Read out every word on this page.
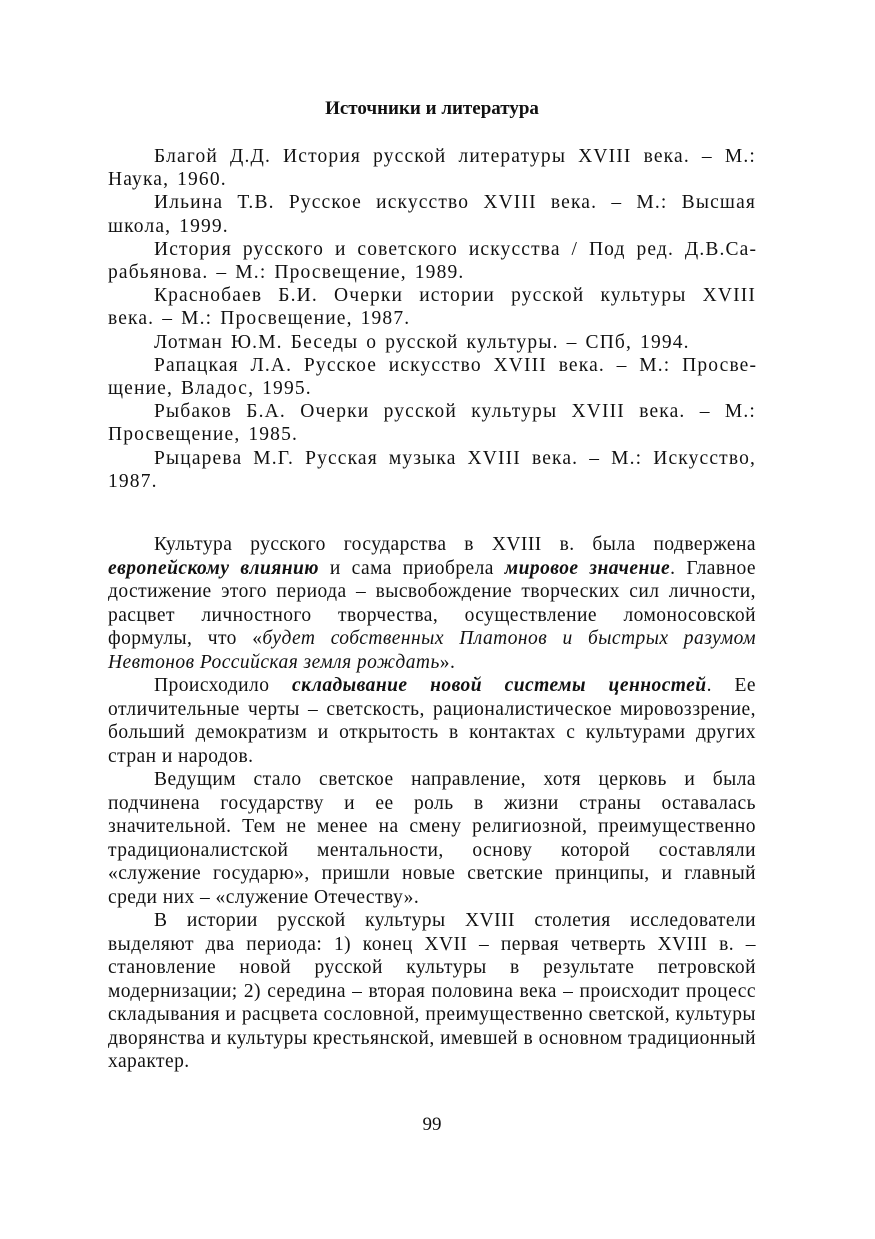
Источники и литература
Благой Д.Д. История русской литературы XVIII века. – М.: Наука, 1960.
Ильина Т.В. Русское искусство XVIII века. – М.: Высшая школа, 1999.
История русского и советского искусства / Под ред. Д.В.Сарабьянова. – М.: Просвещение, 1989.
Краснобаев Б.И. Очерки истории русской культуры XVIII века. – М.: Просвещение, 1987.
Лотман Ю.М. Беседы о русской культуры. – СПб, 1994.
Рапацкая Л.А. Русское искусство XVIII века. – М.: Просвещение, Владос, 1995.
Рыбаков Б.А. Очерки русской культуры XVIII века. – М.: Просвещение, 1985.
Рыцарева М.Г. Русская музыка XVIII века. – М.: Искусство, 1987.

Культура русского государства в XVIII в. была подвержена европейскому влиянию и сама приобрела мировое значение. Главное достижение этого периода – высвобождение творческих сил личности, расцвет личностного творчества, осуществление ломоносовской формулы, что «будет собственных Платонов и быстрых разумом Невтонов Российская земля рождать».

Происходило складывание новой системы ценностей. Ее отличительные черты – светскость, рационалистическое мировоззрение, больший демократизм и открытость в контактах с культурами других стран и народов.

Ведущим стало светское направление, хотя церковь и была подчинена государству и ее роль в жизни страны оставалась значительной. Тем не менее на смену религиозной, преимущественно традиционалистской ментальности, основу которой составляли «служение государю», пришли новые светские принципы, и главный среди них – «служение Отечеству».

В истории русской культуры XVIII столетия исследователи выделяют два периода: 1) конец XVII – первая четверть XVIII в. – становление новой русской культуры в результате петровской модернизации; 2) середина – вторая половина века – происходит процесс складывания и расцвета сословной, преимущественно светской, культуры дворянства и культуры крестьянской, имевшей в основном традиционный характер.

99
